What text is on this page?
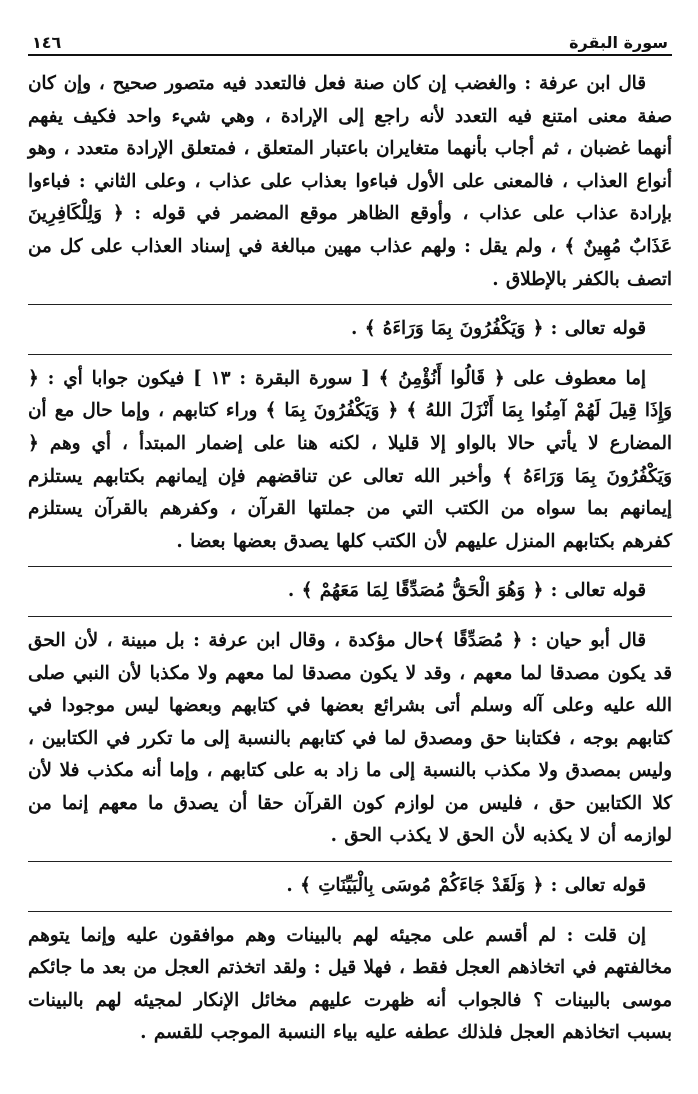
سورة البقرة
١٤٦

قال ابن عرفة : والغضب إن كان صنة فعل فالتعدد فيه متصور صحيح ، وإن كان صفة معنى امتنع فيه التعدد لأنه راجع إلى الإرادة ، وهي شيء واحد فكيف يفهم أنهما غضبان ، ثم أجاب بأنهما متغايران باعتبار المتعلق ، فمتعلق الإرادة متعدد ، وهو أنواع العذاب ، فالمعنى على الأول فباءوا بعذاب على عذاب ، وعلى الثاني : فباءوا بإرادة عذاب على عذاب ، وأوقع الظاهر موقع المضمر في قوله : ﴿ وَلِلْكَافِرِينَ عَذَابٌ مُهِينٌ ﴾ ، ولم يقل : ولهم عذاب مهين مبالغة في إسناد العذاب على كل من اتصف بالكفر بالإطلاق .

قوله تعالى : ﴿ وَيَكْفُرُونَ بِمَا وَرَاءَهُ ﴾ .

إما معطوف على ﴿ قَالُوا أَنُؤْمِنُ ﴾ [ سورة البقرة : ١٣ ] فيكون جوابا أي : ﴿ وَإِذَا قِيلَ لَهُمْ آمِنُوا بِمَا أَنْزَلَ اللهُ ﴾ ﴿ وَيَكْفُرُونَ بِمَا ﴾ وراء كتابهم ، وإما حال مع أن المضارع لا يأتي حالا بالواو إلا قليلا ، لكنه هنا على إضمار المبتدأ ، أي وهم ﴿ وَيَكْفُرُونَ بِمَا وَرَاءَهُ ﴾ وأخبر الله تعالى عن تناقضهم فإن إيمانهم بكتابهم يستلزم إيمانهم بما سواه من الكتب التي من جملتها القرآن ، وكفرهم بالقرآن يستلزم كفرهم بكتابهم المنزل عليهم لأن الكتب كلها يصدق بعضها بعضا .

قوله تعالى : ﴿ وَهُوَ الْحَقُّ مُصَدِّقًا لِمَا مَعَهُمْ ﴾ .

قال أبو حيان : ﴿ مُصَدِّقًا ﴾حال مؤكدة ، وقال ابن عرفة : بل مبينة ، لأن الحق قد يكون مصدقا لما معهم ، وقد لا يكون مصدقا لما معهم ولا مكذبا لأن النبي صلى الله عليه وعلى آله وسلم أتى بشرائع بعضها في كتابهم وبعضها ليس موجودا في كتابهم بوجه ، فكتابنا حق ومصدق لما في كتابهم بالنسبة إلى ما تكرر في الكتابين ، وليس بمصدق ولا مكذب بالنسبة إلى ما زاد به على كتابهم ، وإما أنه مكذب فلا لأن كلا الكتابين حق ، فليس من لوازم كون القرآن حقا أن يصدق ما معهم إنما من لوازمه أن لا يكذبه لأن الحق لا يكذب الحق .

قوله تعالى : ﴿ وَلَقَدْ جَاءَكُمْ مُوسَى بِالْبَيِّنَاتِ ﴾ .

إن قلت : لم أقسم على مجيئه لهم بالبينات وهم موافقون عليه وإنما يتوهم مخالفتهم في اتخاذهم العجل فقط ، فهلا قيل : ولقد اتخذتم العجل من بعد ما جائكم موسى بالبينات ؟ فالجواب أنه ظهرت عليهم مخائل الإنكار لمجيئه لهم بالبينات بسبب اتخاذهم العجل فلذلك عطفه عليه بياء النسبة الموجب للقسم .
